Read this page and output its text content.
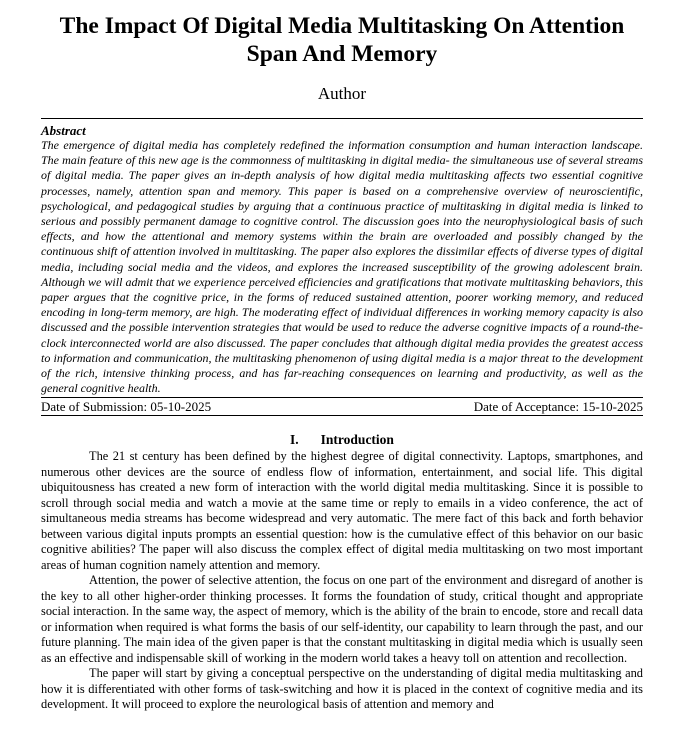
The Impact Of Digital Media Multitasking On Attention Span And Memory
Author
Abstract

The emergence of digital media has completely redefined the information consumption and human interaction landscape. The main feature of this new age is the commonness of multitasking in digital media- the simultaneous use of several streams of digital media. The paper gives an in-depth analysis of how digital media multitasking affects two essential cognitive processes, namely, attention span and memory. This paper is based on a comprehensive overview of neuroscientific, psychological, and pedagogical studies by arguing that a continuous practice of multitasking in digital media is linked to serious and possibly permanent damage to cognitive control. The discussion goes into the neurophysiological basis of such effects, and how the attentional and memory systems within the brain are overloaded and possibly changed by the continuous shift of attention involved in multitasking. The paper also explores the dissimilar effects of diverse types of digital media, including social media and the videos, and explores the increased susceptibility of the growing adolescent brain. Although we will admit that we experience perceived efficiencies and gratifications that motivate multitasking behaviors, this paper argues that the cognitive price, in the forms of reduced sustained attention, poorer working memory, and reduced encoding in long-term memory, are high. The moderating effect of individual differences in working memory capacity is also discussed and the possible intervention strategies that would be used to reduce the adverse cognitive impacts of a round-the-clock interconnected world are also discussed. The paper concludes that although digital media provides the greatest access to information and communication, the multitasking phenomenon of using digital media is a major threat to the development of the rich, intensive thinking process, and has far-reaching consequences on learning and productivity, as well as the general cognitive health.

Date of Submission: 05-10-2025	Date of Acceptance: 15-10-2025
I. Introduction

The 21 st century has been defined by the highest degree of digital connectivity. Laptops, smartphones, and numerous other devices are the source of endless flow of information, entertainment, and social life. This digital ubiquitousness has created a new form of interaction with the world digital media multitasking. Since it is possible to scroll through social media and watch a movie at the same time or reply to emails in a video conference, the act of simultaneous media streams has become widespread and very automatic. The mere fact of this back and forth behavior between various digital inputs prompts an essential question: how is the cumulative effect of this behavior on our basic cognitive abilities? The paper will also discuss the complex effect of digital media multitasking on two most important areas of human cognition namely attention and memory.

Attention, the power of selective attention, the focus on one part of the environment and disregard of another is the key to all other higher-order thinking processes. It forms the foundation of study, critical thought and appropriate social interaction. In the same way, the aspect of memory, which is the ability of the brain to encode, store and recall data or information when required is what forms the basis of our self-identity, our capability to learn through the past, and our future planning. The main idea of the given paper is that the constant multitasking in digital media which is usually seen as an effective and indispensable skill of working in the modern world takes a heavy toll on attention and recollection.

The paper will start by giving a conceptual perspective on the understanding of digital media multitasking and how it is differentiated with other forms of task-switching and how it is placed in the context of cognitive media and its development. It will proceed to explore the neurological basis of attention and memory and
